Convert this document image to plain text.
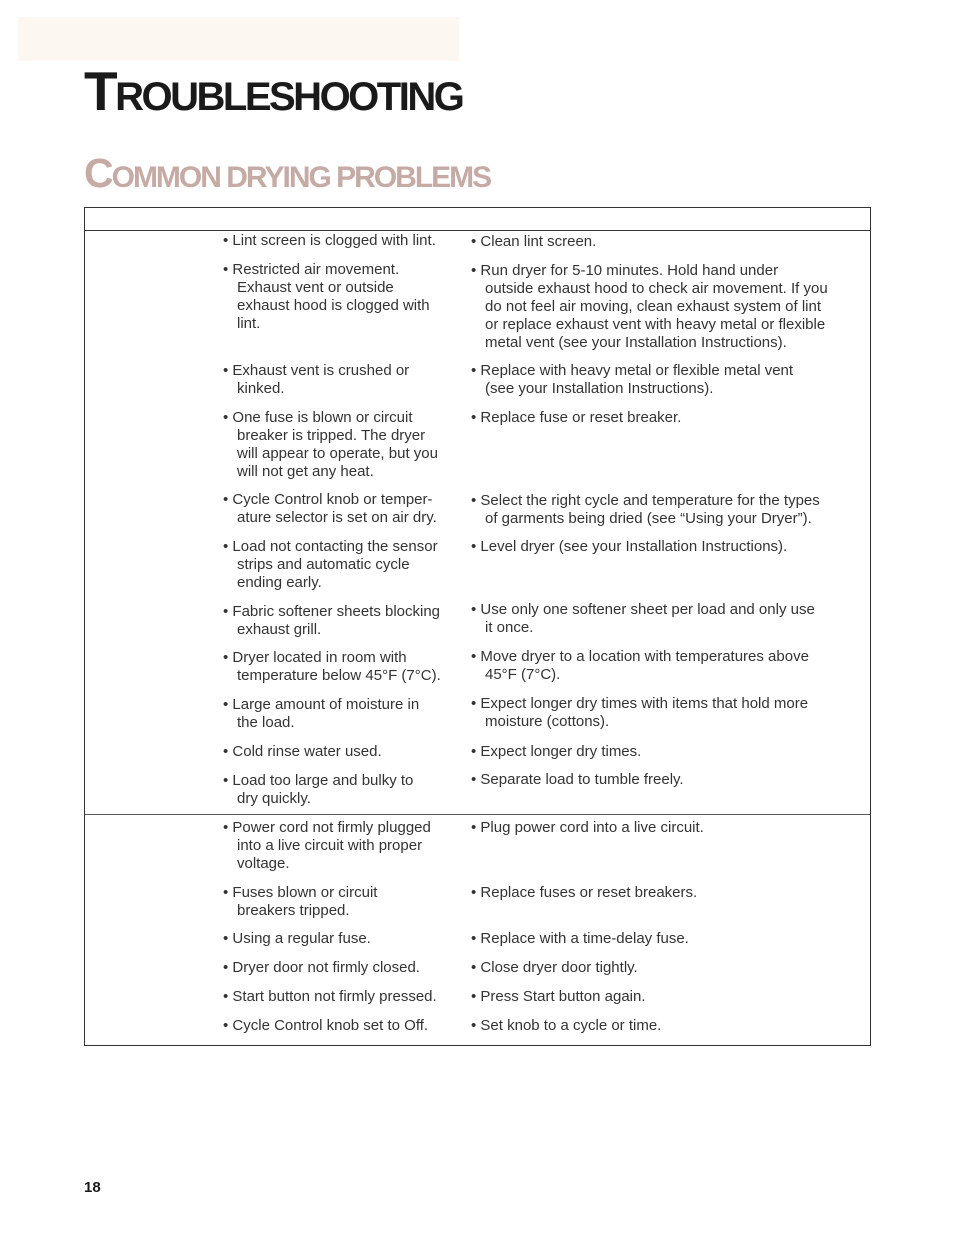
TROUBLESHOOTING
COMMON DRYING PROBLEMS
• Lint screen is clogged with lint.
• Restricted air movement.
Exhaust vent or outside
exhaust hood is clogged with
lint.
• Exhaust vent is crushed or
kinked.
• One fuse is blown or circuit
breaker is tripped. The dryer
will appear to operate, but you
will not get any heat.
• Cycle Control knob or temper-
ature selector is set on air dry.
• Load not contacting the sensor
strips and automatic cycle
ending early.
• Fabric softener sheets blocking
exhaust grill.
• Dryer located in room with
temperature below 45°F (7°C).
• Large amount of moisture in
the load.
• Cold rinse water used.
• Load too large and bulky to
dry quickly.
• Power cord not firmly plugged
into a live circuit with proper
voltage.
• Fuses blown or circuit
breakers tripped.
• Using a regular fuse.
• Dryer door not firmly closed.
• Start button not firmly pressed.
• Cycle Control knob set to Off.
• Clean lint screen.
• Run dryer for 5-10 minutes. Hold hand under
outside exhaust hood to check air movement. If you
do not feel air moving, clean exhaust system of lint
or replace exhaust vent with heavy metal or flexible
metal vent (see your Installation Instructions).
• Replace with heavy metal or flexible metal vent
(see your Installation Instructions).
• Replace fuse or reset breaker.
• Select the right cycle and temperature for the types
of garments being dried (see “Using your Dryer”).
• Level dryer (see your Installation Instructions).
• Use only one softener sheet per load and only use
it once.
• Move dryer to a location with temperatures above
45°F (7°C).
• Expect longer dry times with items that hold more
moisture (cottons).
• Expect longer dry times.
• Separate load to tumble freely.
• Plug power cord into a live circuit.
• Replace fuses or reset breakers.
• Replace with a time-delay fuse.
• Close dryer door tightly.
• Press Start button again.
• Set knob to a cycle or time.
18
